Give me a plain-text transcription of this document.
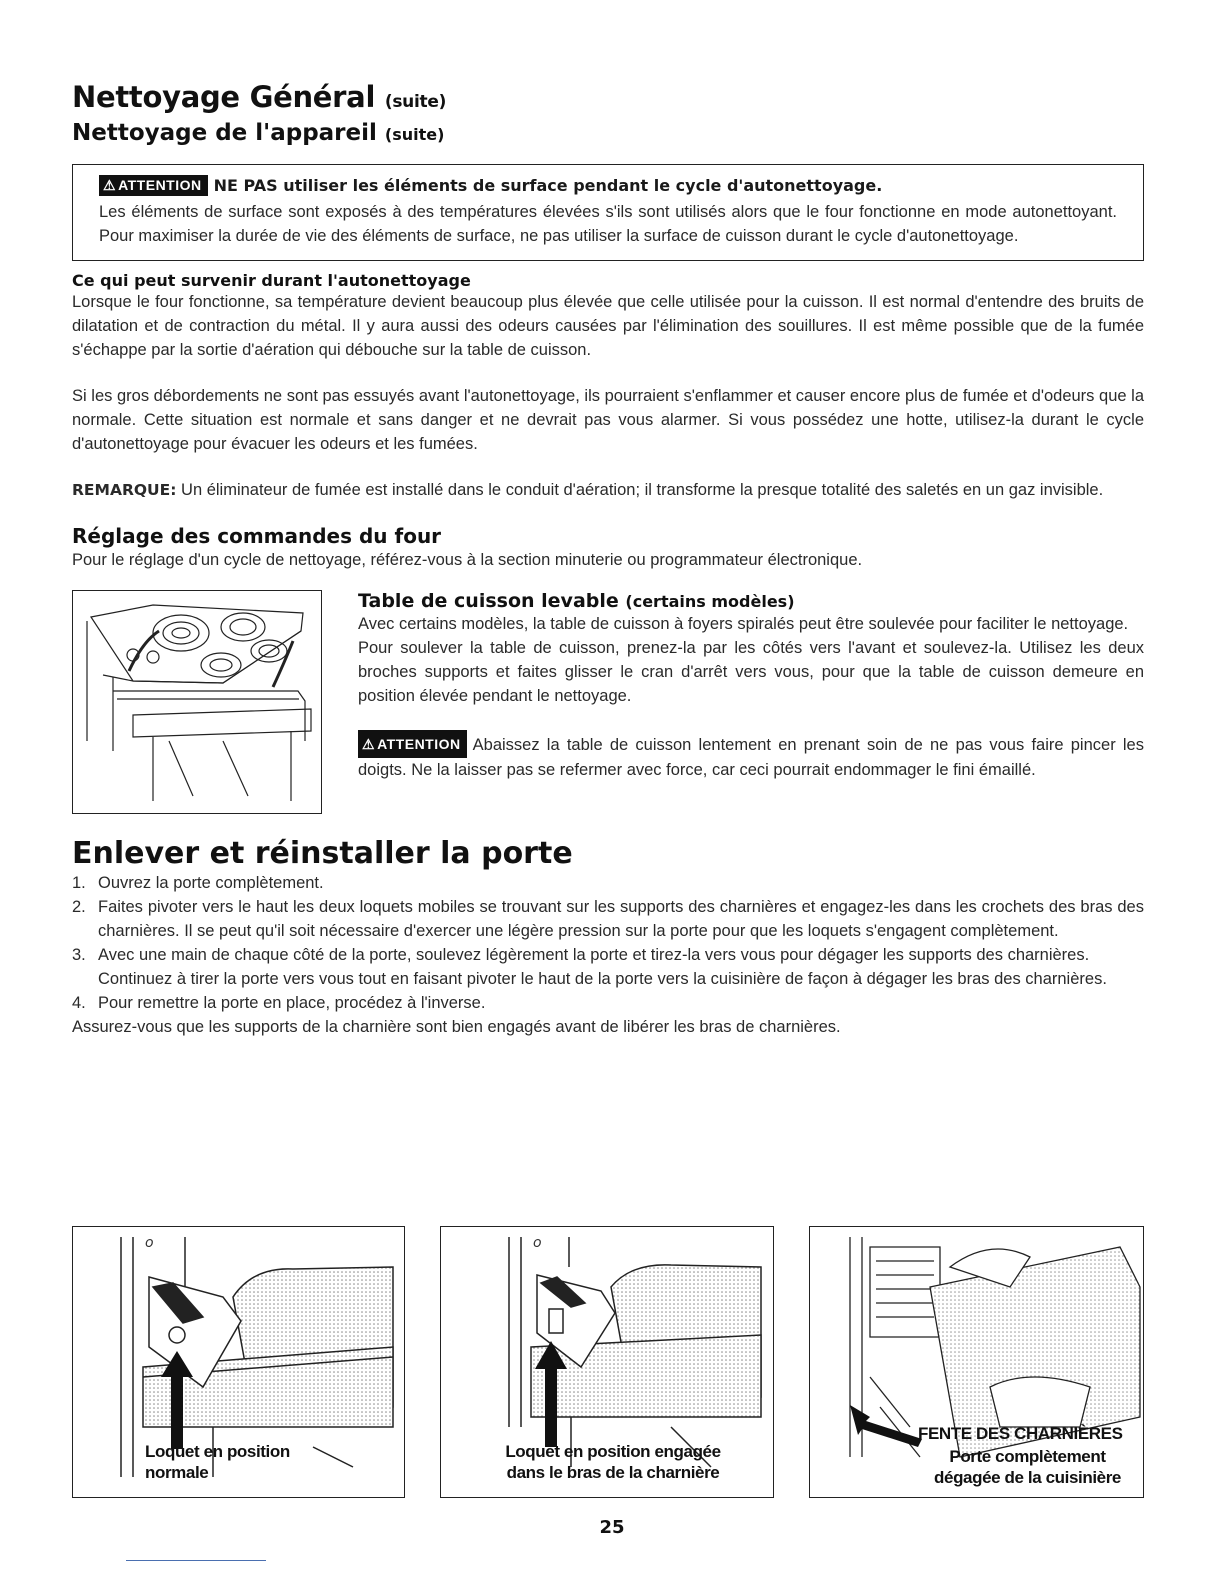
Nettoyage Général (suite)
Nettoyage de l'appareil (suite)
⚠ ATTENTION NE PAS utiliser les éléments de surface pendant le cycle d'autonettoyage.
Les éléments de surface sont exposés à des températures élevées s'ils sont utilisés alors que le four fonctionne en mode autonettoyant. Pour maximiser la durée de vie des éléments de surface, ne pas utiliser la surface de cuisson durant le cycle d'autonettoyage.
Ce qui peut survenir durant l'autonettoyage
Lorsque le four fonctionne, sa température devient beaucoup plus élevée que celle utilisée pour la cuisson. Il est normal d'entendre des bruits de dilatation et de contraction du métal. Il y aura aussi des odeurs causées par l'élimination des souillures. Il est même possible que de la fumée s'échappe par la sortie d'aération qui débouche sur la table de cuisson.
Si les gros débordements ne sont pas essuyés avant l'autonettoyage, ils pourraient s'enflammer et causer encore plus de fumée et d'odeurs que la normale. Cette situation est normale et sans danger et ne devrait pas vous alarmer. Si vous possédez une hotte, utilisez-la durant le cycle d'autonettoyage pour évacuer les odeurs et les fumées.
REMARQUE: Un éliminateur de fumée est installé dans le conduit d'aération; il transforme la presque totalité des saletés en un gaz invisible.
Réglage des commandes du four
Pour le réglage d'un cycle de nettoyage, référez-vous à la section minuterie ou programmateur électronique.
Table de cuisson levable (certains modèles)
Avec certains modèles, la table de cuisson à foyers spiralés peut être soulevée pour faciliter le nettoyage.
Pour soulever la table de cuisson, prenez-la par les côtés vers l'avant et soulevez-la. Utilisez les deux broches supports et faites glisser le cran d'arrêt vers vous, pour que la table de cuisson demeure en position élevée pendant le nettoyage.
⚠ ATTENTION Abaissez la table de cuisson lentement en prenant soin de ne pas vous faire pincer les doigts. Ne la laisser pas se refermer avec force, car ceci pourrait endommager le fini émaillé.
Enlever et réinstaller la porte
1. Ouvrez la porte complètement.
2. Faites pivoter vers le haut les deux loquets mobiles se trouvant sur les supports des charnières et engagez-les dans les crochets des bras des charnières. Il se peut qu'il soit nécessaire d'exercer une légère pression sur la porte pour que les loquets s'engagent complètement.
3. Avec une main de chaque côté de la porte, soulevez légèrement la porte et tirez-la vers vous pour dégager les supports des charnières.
Continuez à tirer la porte vers vous tout en faisant pivoter le haut de la porte vers la cuisinière de façon à dégager les bras des charnières.
4. Pour remettre la porte en place, procédez à l'inverse.
Assurez-vous que les supports de la charnière sont bien engagés avant de libérer les bras de charnières.
o
Loquet en position
normale
o
Loquet en position engagée
dans le bras de la charnière
FENTE DES CHARNIÈRES
Porte complètement
dégagée de la cuisinière
25
